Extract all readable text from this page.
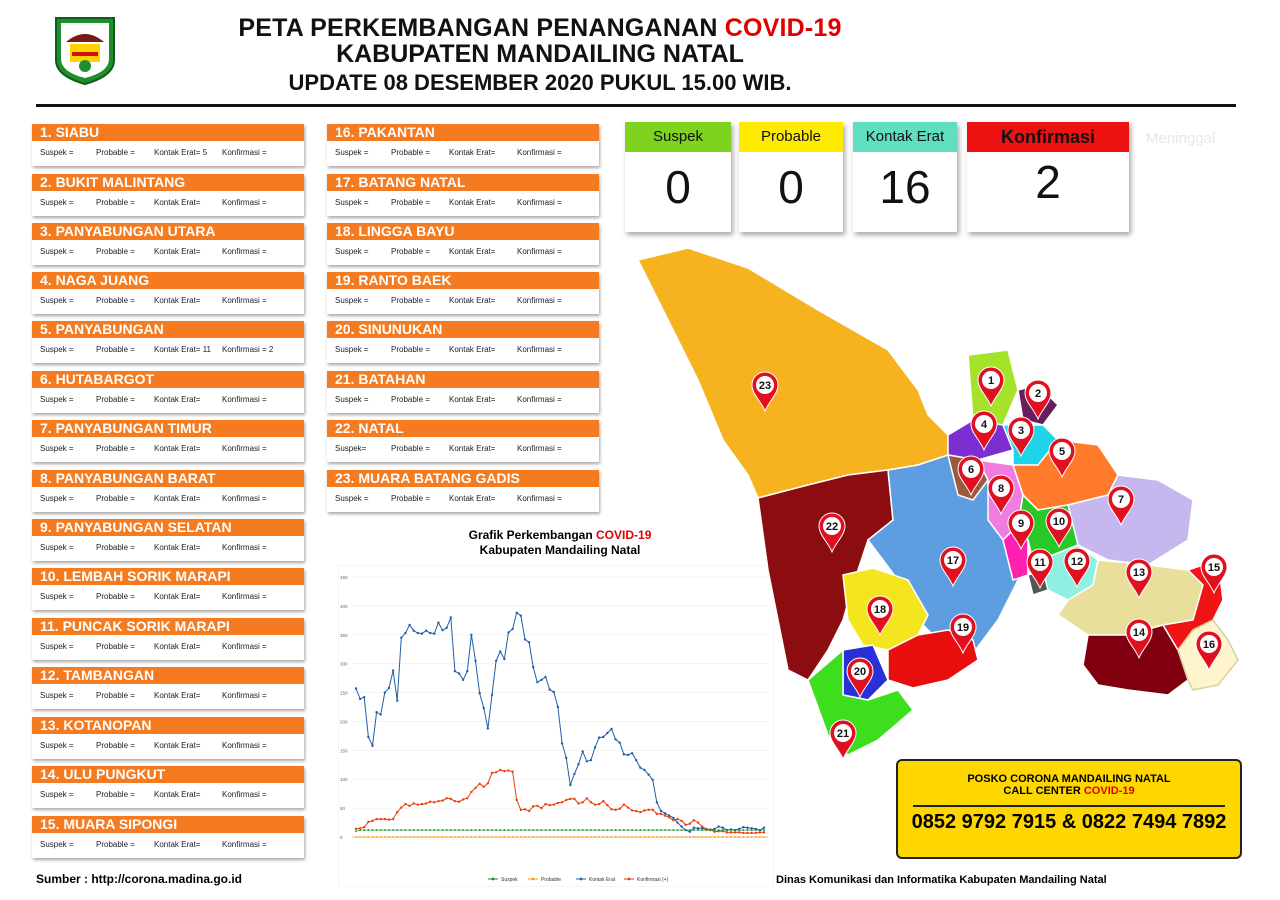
PETA PERKEMBANGAN PENANGANAN COVID-19
KABUPATEN MANDAILING NATAL
UPDATE 08 DESEMBER 2020 PUKUL 15.00 WIB.
1. SIABU
Suspek =	Probable = Kontak Erat= 5 Konfirmasi =
2. BUKIT MALINTANG
Suspek =	Probable = Kontak Erat=	Konfirmasi =
3. PANYABUNGAN UTARA
Suspek =	Probable = Kontak Erat=	Konfirmasi =
4. NAGA JUANG
Suspek =	Probable = Kontak Erat=	Konfirmasi =
5. PANYABUNGAN
Suspek =	Probable = Kontak Erat= 11 Konfirmasi = 2
6. HUTABARGOT
Suspek =	Probable = Kontak Erat=	Konfirmasi =
7. PANYABUNGAN TIMUR
Suspek =	Probable = Kontak Erat=	Konfirmasi =
8. PANYABUNGAN BARAT
Suspek =	Probable = Kontak Erat=	Konfirmasi =
9. PANYABUNGAN SELATAN
Suspek =	Probable = Kontak Erat=	Konfirmasi =
10. LEMBAH SORIK MARAPI
Suspek =	Probable = Kontak Erat=	Konfirmasi =
11. PUNCAK SORIK MARAPI
Suspek =	Probable = Kontak Erat=	Konfirmasi =
12. TAMBANGAN
Suspek =	Probable = Kontak Erat=	Konfirmasi =
13. KOTANOPAN
Suspek =	Probable = Kontak Erat=	Konfirmasi =
14. ULU PUNGKUT
Suspek =	Probable = Kontak Erat=	Konfirmasi =
15. MUARA SIPONGI
Suspek =	Probable = Kontak Erat=	Konfirmasi =
16. PAKANTAN
Suspek =	Probable = Kontak Erat=	Konfirmasi =
17. BATANG NATAL
Suspek =	Probable = Kontak Erat=	Konfirmasi =
18. LINGGA BAYU
Suspek =	Probable = Kontak Erat=	Konfirmasi =
19. RANTO BAEK
Suspek =	Probable = Kontak Erat=	Konfirmasi =
20. SINUNUKAN
Suspek =	Probable = Kontak Erat=	Konfirmasi =
21. BATAHAN
Suspek =	Probable = Kontak Erat=	Konfirmasi =
22. NATAL
Suspek=	Probable = Kontak Erat=	Konfirmasi =
23. MUARA BATANG GADIS
Suspek =	Probable = Kontak Erat=	Konfirmasi =
Suspek
0
Probable
0
Kontak Erat
16
Konfirmasi
2
Meninggal
Grafik Perkembangan COVID-19
Kabupaten Mandailing Natal
0
50
100
150
200
250
300
350
400
450
Suspek	Probable	Kontak Erat	Konfirmasi (+)
1
2
3
4
5
6
7
8
9	10
11 12
13
14
15
16
17
18
19
20
21
22
23
POSKO CORONA MANDAILING NATAL
CALL CENTER COVID-19
0852 9792 7915 & 0822 7494 7892
Sumber : http://corona.madina.go.id	Dinas Komunikasi dan Informatika Kabupaten Mandailing Natal
